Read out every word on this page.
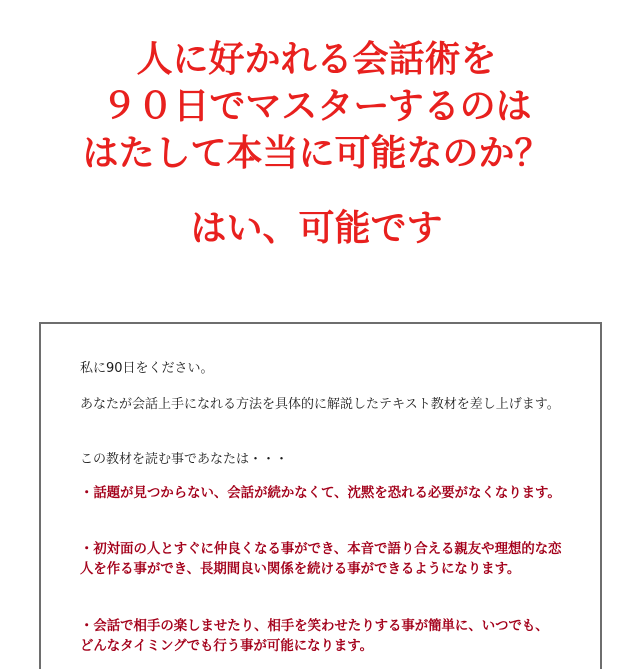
人に好かれる会話術を
９０日でマスターするのは
はたして本当に可能なのか？
はい、可能です

私に90日をください。

あなたが会話上手になれる方法を具体的に解説したテキスト教材を差し上げます。

この教材を読む事であなたは・・・

・話題が見つからない、会話が続かなくて、沈黙を恐れる必要がなくなります。

・初対面の人とすぐに仲良くなる事ができ、本音で語り合える親友や理想的な恋人を作る事ができ、長期間良い関係を続ける事ができるようになります。

・会話で相手の楽しませたり、相手を笑わせたりする事が簡単に、いつでも、どんなタイミングでも行う事が可能になります。
